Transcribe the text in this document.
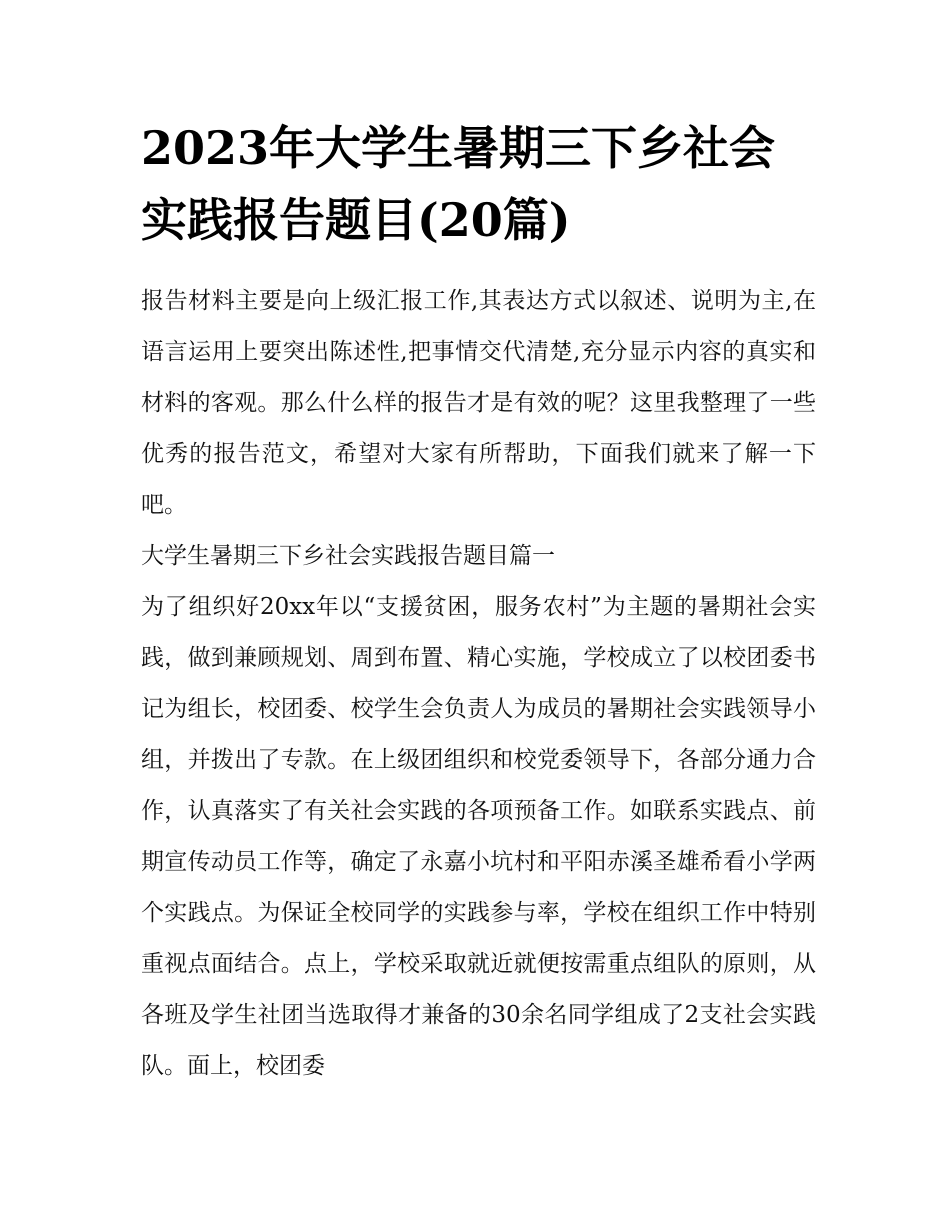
2023年大学生暑期三下乡社会
实践报告题目(20篇)

报告材料主要是向上级汇报工作,其表达方式以叙述、说明为主,在语言运用上要突出陈述性,把事情交代清楚,充分显示内容的真实和材料的客观。那么什么样的报告才是有效的呢？这里我整理了一些优秀的报告范文，希望对大家有所帮助，下面我们就来了解一下吧。

大学生暑期三下乡社会实践报告题目篇一

为了组织好20xx年以“支援贫困，服务农村”为主题的暑期社会实践，做到兼顾规划、周到布置、精心实施，学校成立了以校团委书记为组长，校团委、校学生会负责人为成员的暑期社会实践领导小组，并拨出了专款。在上级团组织和校党委领导下，各部分通力合作，认真落实了有关社会实践的各项预备工作。如联系实践点、前期宣传动员工作等，确定了永嘉小坑村和平阳赤溪圣雄希看小学两个实践点。为保证全校同学的实践参与率，学校在组织工作中特别重视点面结合。点上，学校采取就近就便按需重点组队的原则，从各班及学生社团当选取得才兼备的30余名同学组成了2支社会实践队。面上，校团委
